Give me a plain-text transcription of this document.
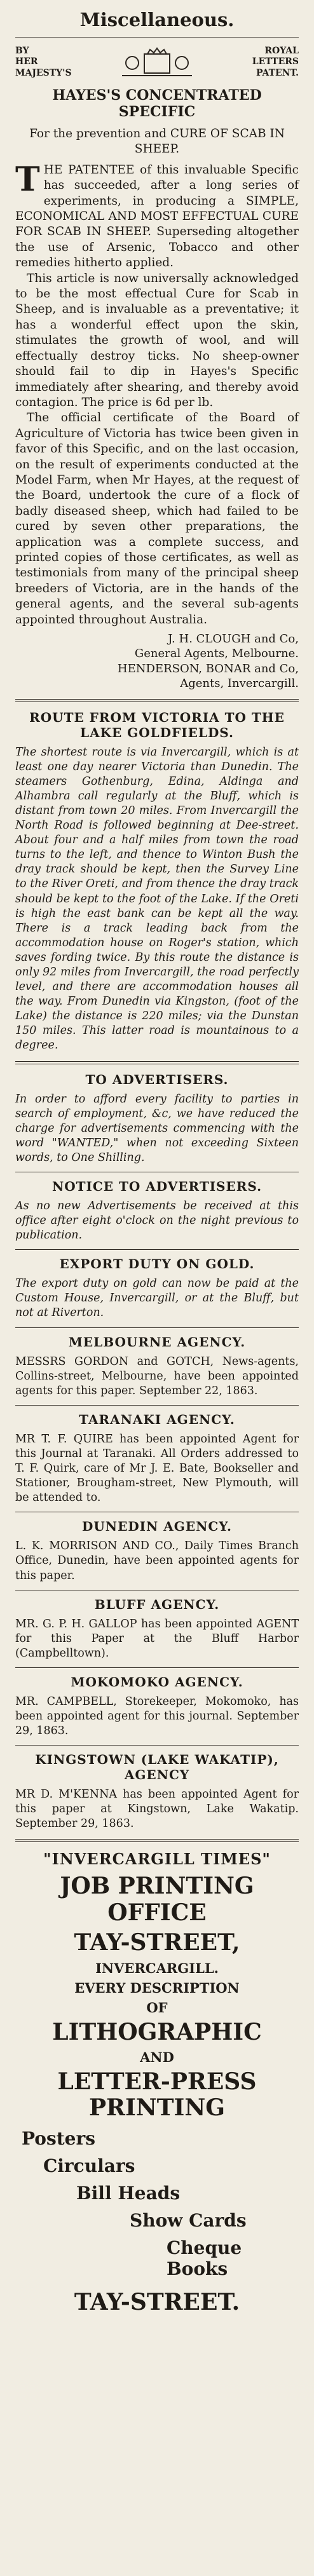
Miscellaneous.
BY
HER
MAJESTY'S
ROYAL
LETTERS
PATENT.
HAYES'S CONCENTRATED SPECIFIC

For the prevention and CURE OF SCAB IN SHEEP.

T HE PATENTEE of this invaluable Specific has succeeded, after a long series of experiments, in producing a SIMPLE, ECONOMICAL AND MOST EFFECTUAL CURE FOR SCAB IN SHEEP. Superseding altogether the use of Arsenic, Tobacco and other remedies hitherto applied.

This article is now universally acknowledged to be the most effectual Cure for Scab in Sheep, and is invaluable as a preventative; it has a wonderful effect upon the skin, stimulates the growth of wool, and will effectually destroy ticks. No sheep-owner should fail to dip in Hayes's Specific immediately after shearing, and thereby avoid contagion. The price is 6d per lb.

The official certificate of the Board of Agriculture of Victoria has twice been given in favor of this Specific, and on the last occasion, on the result of experiments conducted at the Model Farm, when Mr Hayes, at the request of the Board, undertook the cure of a flock of badly diseased sheep, which had failed to be cured by seven other preparations, the application was a complete success, and printed copies of those certificates, as well as testimonials from many of the principal sheep breeders of Victoria, are in the hands of the general agents, and the several sub-agents appointed throughout Australia.

J. H. CLOUGH and Co,
General Agents, Melbourne.
HENDERSON, BONAR and Co,
Agents, Invercargill.
ROUTE FROM VICTORIA TO THE LAKE GOLDFIELDS.

The shortest route is via Invercargill, which is at least one day nearer Victoria than Dunedin. The steamers Gothenburg, Edina, Aldinga and Alhambra call regularly at the Bluff, which is distant from town 20 miles. From Invercargill the North Road is followed beginning at Dee-street. About four and a half miles from town the road turns to the left, and thence to Winton Bush the dray track should be kept, then the Survey Line to the River Oreti, and from thence the dray track should be kept to the foot of the Lake. If the Oreti is high the east bank can be kept all the way. There is a track leading back from the accommodation house on Roger's station, which saves fording twice. By this route the distance is only 92 miles from Invercargill, the road perfectly level, and there are accommodation houses all the way. From Dunedin via Kingston, (foot of the Lake) the distance is 220 miles; via the Dunstan 150 miles. This latter road is mountainous to a degree.

TO ADVERTISERS.

In order to afford every facility to parties in search of employment, &c, we have reduced the charge for advertisements commencing with the word "WANTED," when not exceeding Sixteen words, to One Shilling.

NOTICE TO ADVERTISERS.

As no new Advertisements be received at this office after eight o'clock on the night previous to publication.

EXPORT DUTY ON GOLD.

The export duty on gold can now be paid at the Custom House, Invercargill, or at the Bluff, but not at Riverton.

MELBOURNE AGENCY.

MESSRS GORDON and GOTCH, News-agents, Collins-street, Melbourne, have been appointed agents for this paper. September 22, 1863.

TARANAKI AGENCY.

MR T. F. QUIRE has been appointed Agent for this Journal at Taranaki. All Orders addressed to T. F. Quirk, care of Mr J. E. Bate, Bookseller and Stationer, Brougham-street, New Plymouth, will be attended to.

DUNEDIN AGENCY.

L. K. MORRISON AND CO., Daily Times Branch Office, Dunedin, have been appointed agents for this paper.

BLUFF AGENCY.

MR. G. P. H. GALLOP has been appointed AGENT for this Paper at the Bluff Harbor (Campbelltown).

MOKOMOKO AGENCY.

MR. CAMPBELL, Storekeeper, Mokomoko, has been appointed agent for this journal. September 29, 1863.

KINGSTOWN (LAKE WAKATIP), AGENCY

MR D. M'KENNA has been appointed Agent for this paper at Kingstown, Lake Wakatip. September 29, 1863.

"INVERCARGILL TIMES"
JOB PRINTING OFFICE
TAY-STREET,
INVERCARGILL.
EVERY DESCRIPTION
OF
LITHOGRAPHIC
AND
LETTER-PRESS PRINTING
Posters
Circulars
Bill Heads
Show Cards
Cheque Books
TAY-STREET.
